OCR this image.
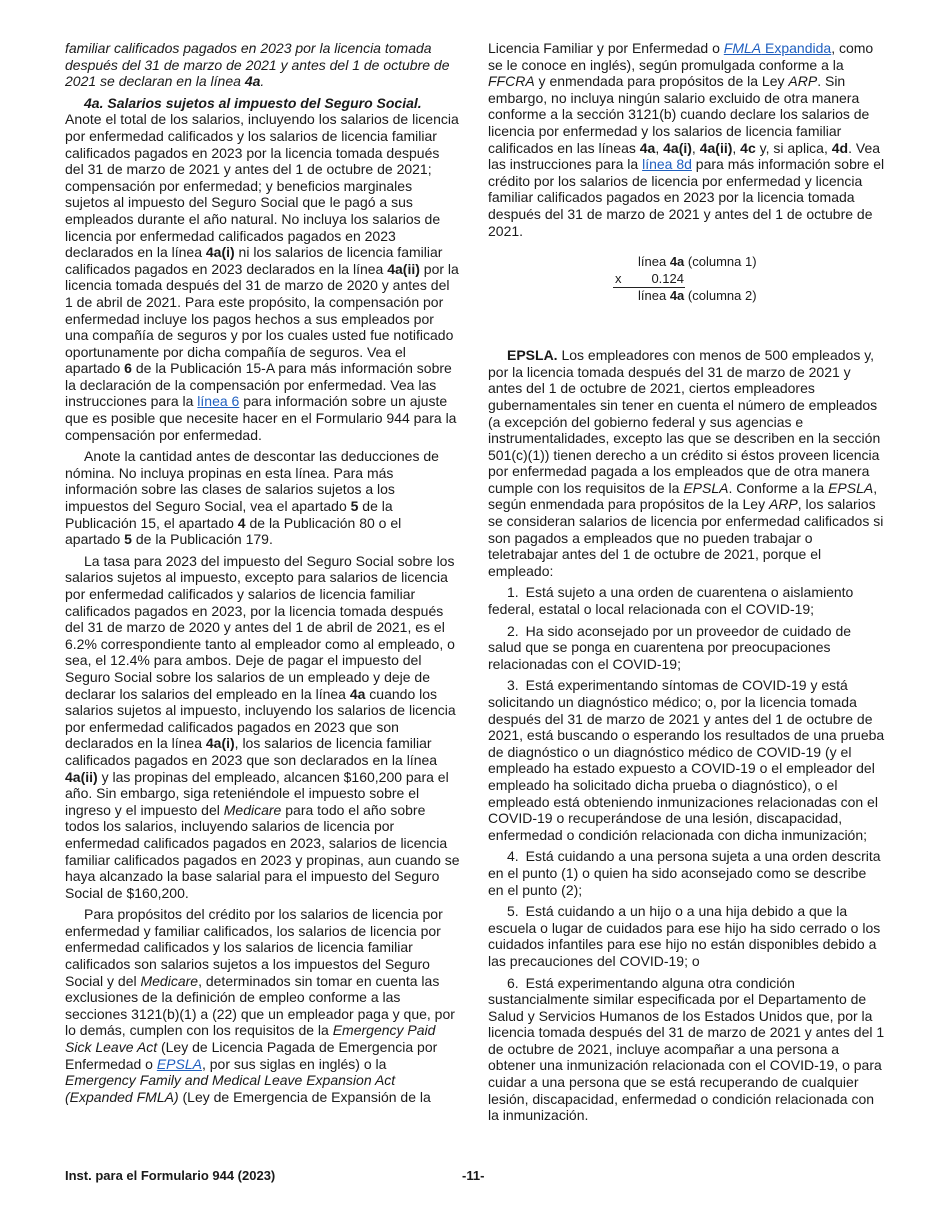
familiar calificados pagados en 2023 por la licencia tomada después del 31 de marzo de 2021 y antes del 1 de octubre de 2021 se declaran en la línea 4a.

4a. Salarios sujetos al impuesto del Seguro Social. Anote el total de los salarios, incluyendo los salarios de licencia por enfermedad calificados y los salarios de licencia familiar calificados pagados en 2023 por la licencia tomada después del 31 de marzo de 2021 y antes del 1 de octubre de 2021; compensación por enfermedad; y beneficios marginales sujetos al impuesto del Seguro Social que le pagó a sus empleados durante el año natural. No incluya los salarios de licencia por enfermedad calificados pagados en 2023 declarados en la línea 4a(i) ni los salarios de licencia familiar calificados pagados en 2023 declarados en la línea 4a(ii) por la licencia tomada después del 31 de marzo de 2020 y antes del 1 de abril de 2021. Para este propósito, la compensación por enfermedad incluye los pagos hechos a sus empleados por una compañía de seguros y por los cuales usted fue notificado oportunamente por dicha compañía de seguros. Vea el apartado 6 de la Publicación 15-A para más información sobre la declaración de la compensación por enfermedad. Vea las instrucciones para la línea 6 para información sobre un ajuste que es posible que necesite hacer en el Formulario 944 para la compensación por enfermedad.

Anote la cantidad antes de descontar las deducciones de nómina. No incluya propinas en esta línea. Para más información sobre las clases de salarios sujetos a los impuestos del Seguro Social, vea el apartado 5 de la Publicación 15, el apartado 4 de la Publicación 80 o el apartado 5 de la Publicación 179.

La tasa para 2023 del impuesto del Seguro Social sobre los salarios sujetos al impuesto, excepto para salarios de licencia por enfermedad calificados y salarios de licencia familiar calificados pagados en 2023, por la licencia tomada después del 31 de marzo de 2020 y antes del 1 de abril de 2021, es el 6.2% correspondiente tanto al empleador como al empleado, o sea, el 12.4% para ambos. Deje de pagar el impuesto del Seguro Social sobre los salarios de un empleado y deje de declarar los salarios del empleado en la línea 4a cuando los salarios sujetos al impuesto, incluyendo los salarios de licencia por enfermedad calificados pagados en 2023 que son declarados en la línea 4a(i), los salarios de licencia familiar calificados pagados en 2023 que son declarados en la línea 4a(ii) y las propinas del empleado, alcancen $160,200 para el año. Sin embargo, siga reteniéndole el impuesto sobre el ingreso y el impuesto del Medicare para todo el año sobre todos los salarios, incluyendo salarios de licencia por enfermedad calificados pagados en 2023, salarios de licencia familiar calificados pagados en 2023 y propinas, aun cuando se haya alcanzado la base salarial para el impuesto del Seguro Social de $160,200.

Para propósitos del crédito por los salarios de licencia por enfermedad y familiar calificados, los salarios de licencia por enfermedad calificados y los salarios de licencia familiar calificados son salarios sujetos a los impuestos del Seguro Social y del Medicare, determinados sin tomar en cuenta las exclusiones de la definición de empleo conforme a las secciones 3121(b)(1) a (22) que un empleador paga y que, por lo demás, cumplen con los requisitos de la Emergency Paid Sick Leave Act (Ley de Licencia Pagada de Emergencia por Enfermedad o EPSLA, por sus siglas en inglés) o la Emergency Family and Medical Leave Expansion Act (Expanded FMLA) (Ley de Emergencia de Expansión de la

Licencia Familiar y por Enfermedad o FMLA Expandida, como se le conoce en inglés), según promulgada conforme a la FFCRA y enmendada para propósitos de la Ley ARP. Sin embargo, no incluya ningún salario excluido de otra manera conforme a la sección 3121(b) cuando declare los salarios de licencia por enfermedad y los salarios de licencia familiar calificados en las líneas 4a, 4a(i), 4a(ii), 4c y, si aplica, 4d. Vea las instrucciones para la línea 8d para más información sobre el crédito por los salarios de licencia por enfermedad y licencia familiar calificados pagados en 2023 por la licencia tomada después del 31 de marzo de 2021 y antes del 1 de octubre de 2021.

línea 4a (columna 1)
x	0.124
línea 4a (columna 2)

EPSLA. Los empleadores con menos de 500 empleados y, por la licencia tomada después del 31 de marzo de 2021 y antes del 1 de octubre de 2021, ciertos empleadores gubernamentales sin tener en cuenta el número de empleados (a excepción del gobierno federal y sus agencias e instrumentalidades, excepto las que se describen en la sección 501(c)(1)) tienen derecho a un crédito si éstos proveen licencia por enfermedad pagada a los empleados que de otra manera cumple con los requisitos de la EPSLA. Conforme a la EPSLA, según enmendada para propósitos de la Ley ARP, los salarios se consideran salarios de licencia por enfermedad calificados si son pagados a empleados que no pueden trabajar o teletrabajar antes del 1 de octubre de 2021, porque el empleado:

1. Está sujeto a una orden de cuarentena o aislamiento federal, estatal o local relacionada con el COVID-19;

2. Ha sido aconsejado por un proveedor de cuidado de salud que se ponga en cuarentena por preocupaciones relacionadas con el COVID-19;

3. Está experimentando síntomas de COVID-19 y está solicitando un diagnóstico médico; o, por la licencia tomada después del 31 de marzo de 2021 y antes del 1 de octubre de 2021, está buscando o esperando los resultados de una prueba de diagnóstico o un diagnóstico médico de COVID-19 (y el empleado ha estado expuesto a COVID-19 o el empleador del empleado ha solicitado dicha prueba o diagnóstico), o el empleado está obteniendo inmunizaciones relacionadas con el COVID-19 o recuperándose de una lesión, discapacidad, enfermedad o condición relacionada con dicha inmunización;

4. Está cuidando a una persona sujeta a una orden descrita en el punto (1) o quien ha sido aconsejado como se describe en el punto (2);

5. Está cuidando a un hijo o a una hija debido a que la escuela o lugar de cuidados para ese hijo ha sido cerrado o los cuidados infantiles para ese hijo no están disponibles debido a las precauciones del COVID-19; o

6. Está experimentando alguna otra condición sustancialmente similar especificada por el Departamento de Salud y Servicios Humanos de los Estados Unidos que, por la licencia tomada después del 31 de marzo de 2021 y antes del 1 de octubre de 2021, incluye acompañar a una persona a obtener una inmunización relacionada con el COVID-19, o para cuidar a una persona que se está recuperando de cualquier lesión, discapacidad, enfermedad o condición relacionada con la inmunización.

Inst. para el Formulario 944 (2023)	-11-
